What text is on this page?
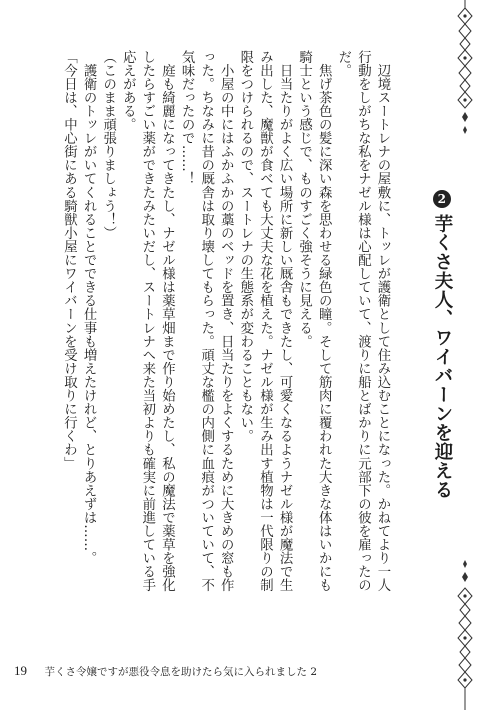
2
芋くさ夫人、ワイバーンを迎える

　辺境スートレナの屋敷に、トッレが護衛として住み込むことになった。かねてより一人行動をしがちな私をナゼル様は心配していて、渡りに船とばかりに元部下の彼を雇ったのだ。

　焦げ茶色の髪に深い森を思わせる緑色の瞳。そして筋肉に覆われた大きな体はいかにも騎士という感じで、ものすごく強そうに見える。

　日当たりがよく広い場所に新しい厩舎もできたし、可愛くなるようナゼル様が魔法で生み出した、魔獣が食べても大丈夫な花を植えた。ナゼル様が生み出す植物は一代限りの制限をつけられるので、スートレナの生態系が変わることもない。

　小屋の中にはふかふかの藁のベッドを置き、日当たりをよくするために大きめの窓も作った。ちなみに昔の厩舎は取り壊してもらった。頑丈な檻の内側に血痕がついていて、不気味だったので……！

　庭も綺麗になってきたし、ナゼル様は薬草畑まで作り始めたし、私の魔法で薬草を強化したらすごい薬ができたみたいだし、スートレナへ来た当初よりも確実に前進している手応えがある。

（このまま頑張りましょう！）

　護衛のトッレがいてくれることでできる仕事も増えたけれど、とりあえずは……。

「今日は、中心街にある騎獣小屋にワイバーンを受け取りに行くわ」

19 芋くさ令嬢ですが悪役令息を助けたら気に入られました 2
